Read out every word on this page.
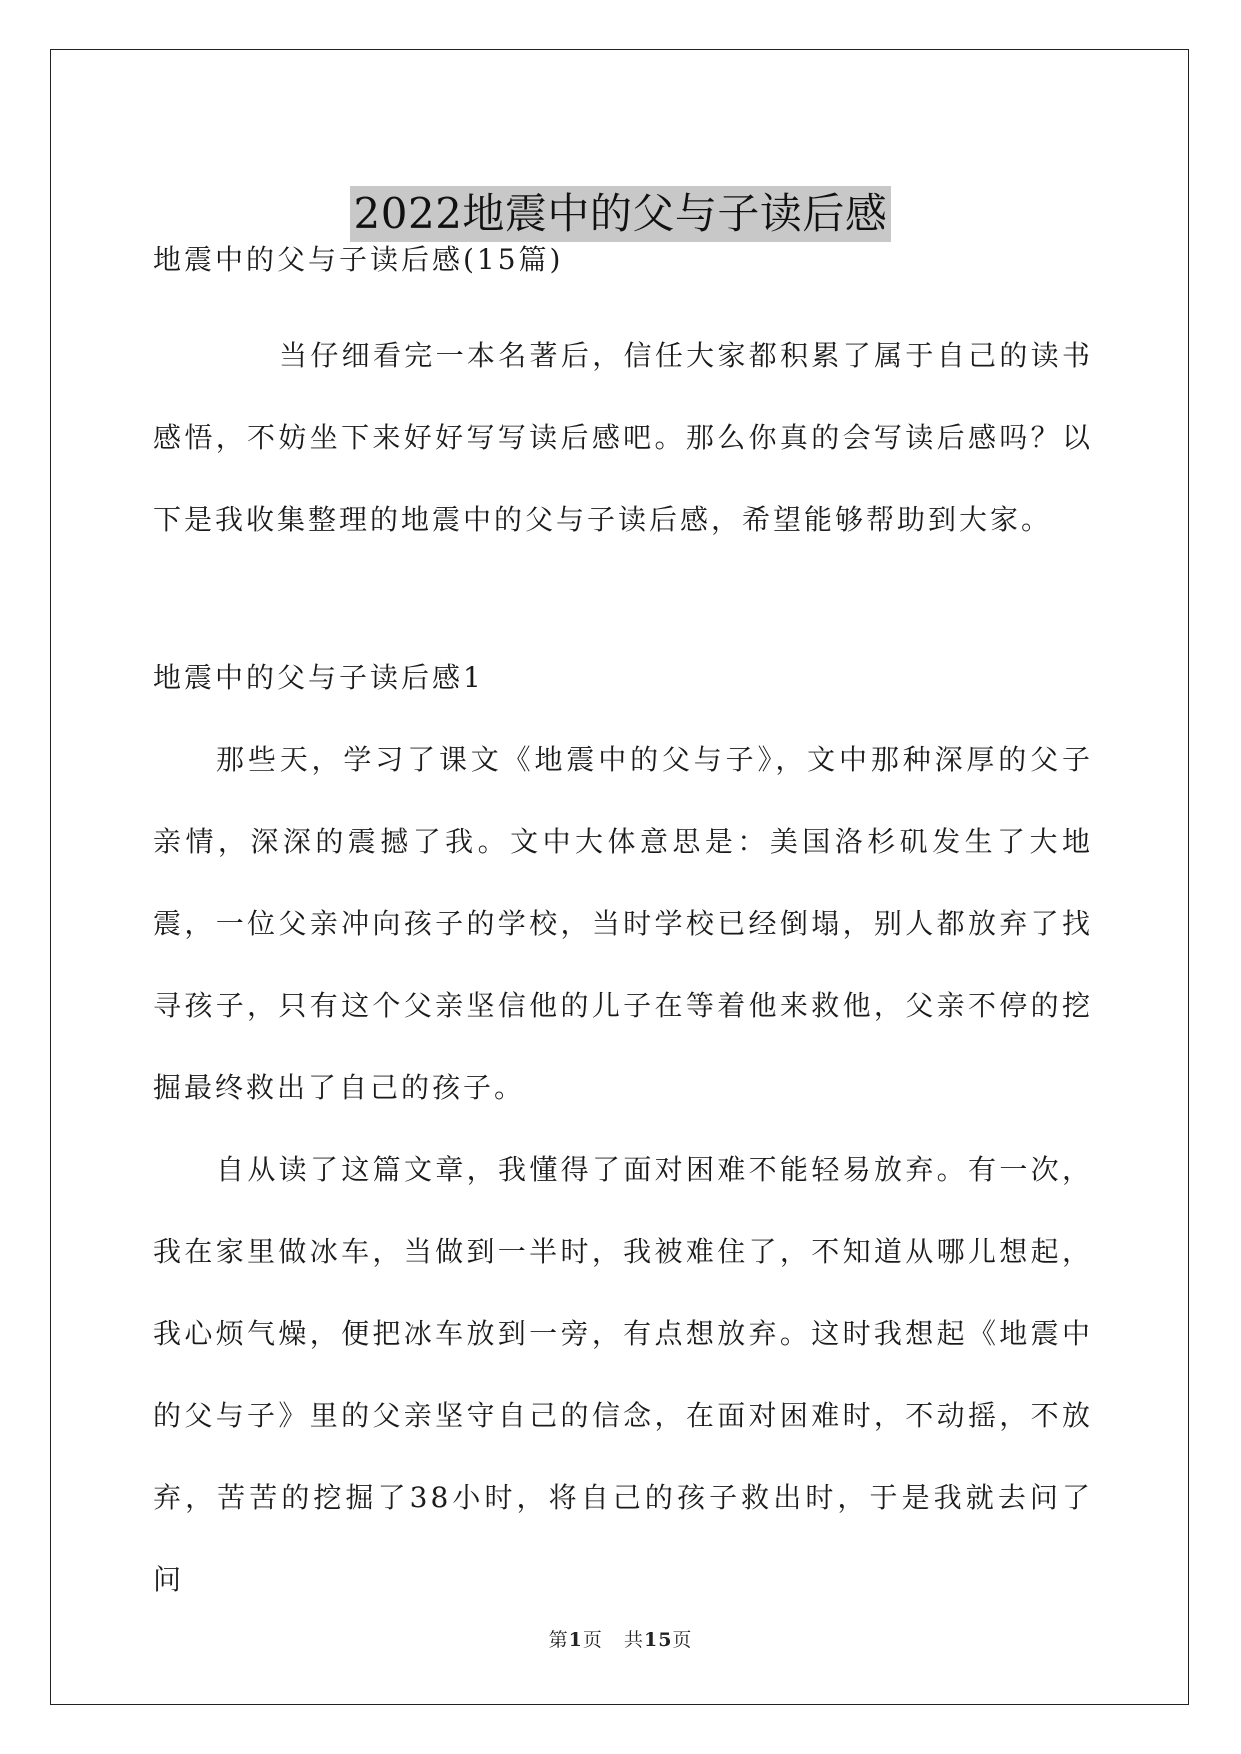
2022地震中的父与子读后感

地震中的父与子读后感(15篇)

当仔细看完一本名著后，信任大家都积累了属于自己的读书感悟，不妨坐下来好好写写读后感吧。那么你真的会写读后感吗？以下是我收集整理的地震中的父与子读后感，希望能够帮助到大家。

地震中的父与子读后感1

那些天，学习了课文《地震中的父与子》，文中那种深厚的父子亲情，深深的震撼了我。文中大体意思是：美国洛杉矶发生了大地震，一位父亲冲向孩子的学校，当时学校已经倒塌，别人都放弃了找寻孩子，只有这个父亲坚信他的儿子在等着他来救他，父亲不停的挖掘最终救出了自己的孩子。

自从读了这篇文章，我懂得了面对困难不能轻易放弃。有一次，我在家里做冰车，当做到一半时，我被难住了，不知道从哪儿想起，我心烦气燥，便把冰车放到一旁，有点想放弃。这时我想起《地震中的父与子》里的父亲坚守自己的信念，在面对困难时，不动摇，不放弃，苦苦的挖掘了38小时，将自己的孩子救出时，于是我就去问了问

第1页 共15页
